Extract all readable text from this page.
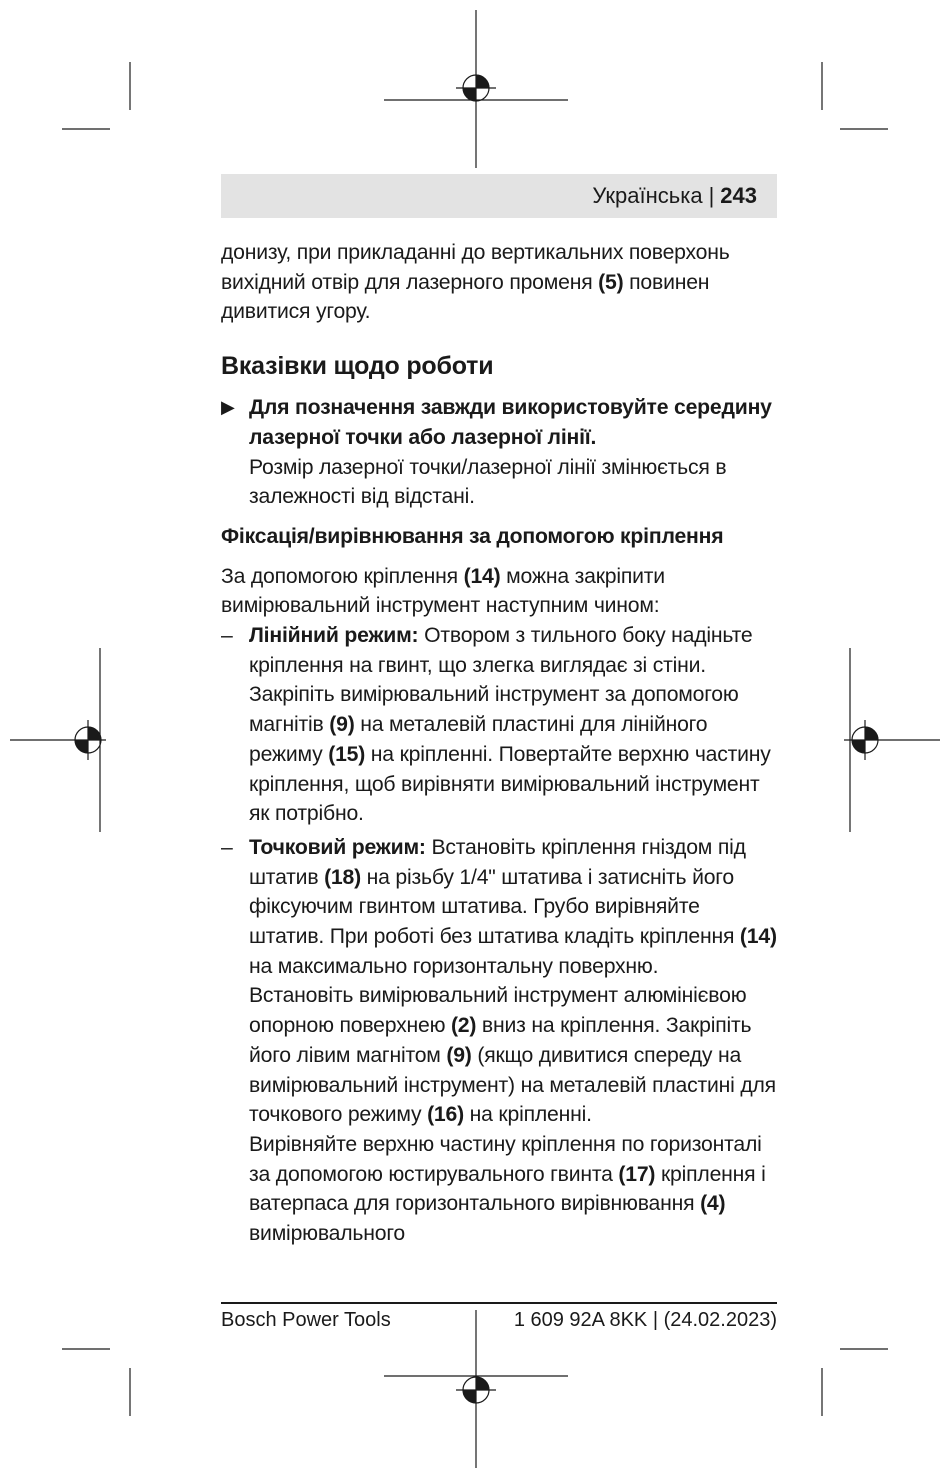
Українська | 243

донизу, при прикладанні до вертикальних поверхонь вихідний отвір для лазерного променя (5) повинен дивитися угору.

Вказівки щодо роботи
▶ Для позначення завжди використовуйте середину лазерної точки або лазерної лінії.

Розмір лазерної точки/лазерної лінії змінюється в залежності від відстані.

Фіксація/вирівнювання за допомогою кріплення

За допомогою кріплення (14) можна закріпити вимірювальний інструмент наступним чином:

– Лінійний режим: Отвором з тильного боку надіньте кріплення на гвинт, що злегка виглядає зі стіни. Закріпіть вимірювальний інструмент за допомогою магнітів (9) на металевій пластині для лінійного режиму (15) на кріпленні. Повертайте верхню частину кріплення, щоб вирівняти вимірювальний інструмент як потрібно.

– Точковий режим: Встановіть кріплення гніздом під штатив (18) на різьбу 1/4" штатива і затисніть його фіксуючим гвинтом штатива. Грубо вирівняйте штатив. При роботі без штатива кладіть кріплення (14) на максимально горизонтальну поверхню.

Встановіть вимірювальний інструмент алюмінієвою опорною поверхнею (2) вниз на кріплення. Закріпіть його лівим магнітом (9) (якщо дивитися спереду на вимірювальний інструмент) на металевій пластині для точкового режиму (16) на кріпленні.

Вирівняйте верхню частину кріплення по горизонталі за допомогою юстирувального гвинта (17) кріплення і ватерпаса для горизонтального вирівнювання (4) вимірювального

Bosch Power Tools	1 609 92A 8KK | (24.02.2023)
